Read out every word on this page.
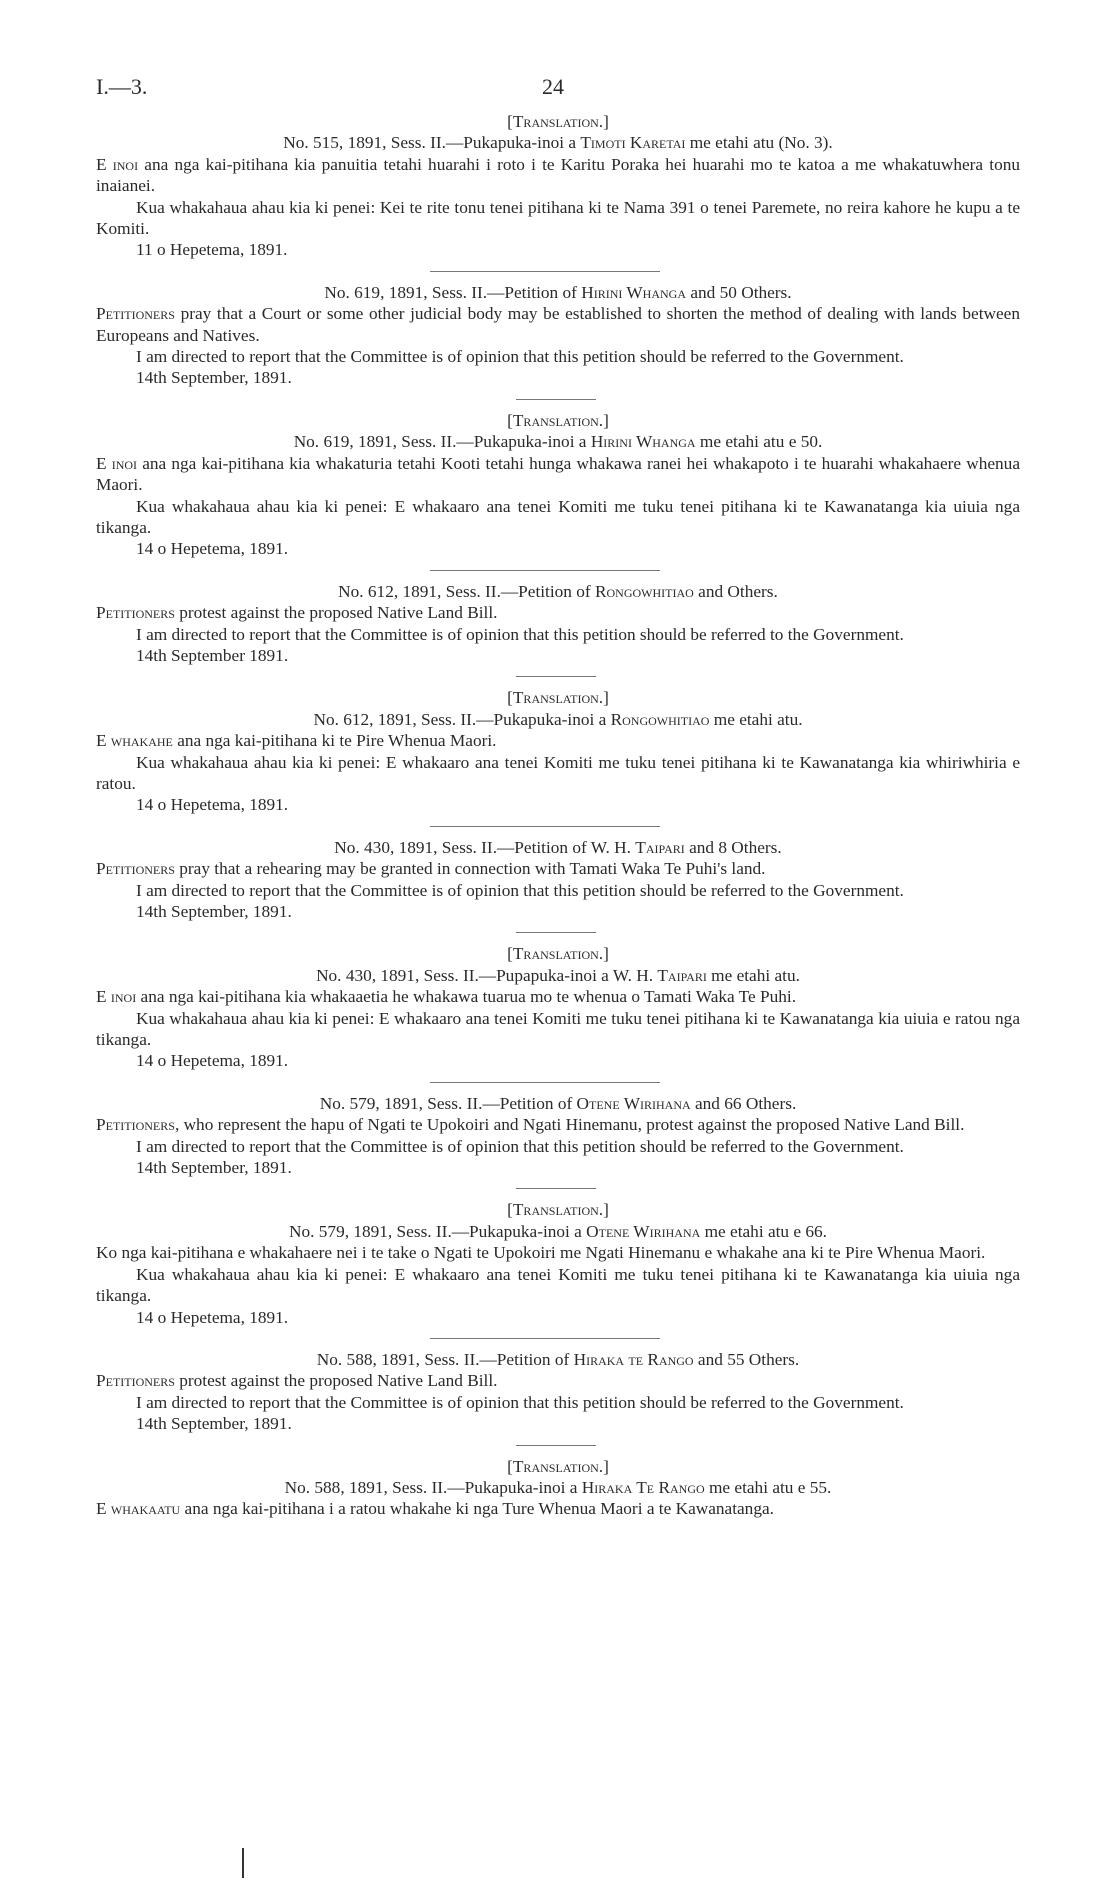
I.—3.	24
[Translation.]
No. 515, 1891, Sess. II.—Pukapuka-inoi a Timoti Karetai me etahi atu (No. 3).
E inoi ana nga kai-pitihana kia panuitia tetahi huarahi i roto i te Karitu Poraka hei huarahi mo te katoa a me whakatuwhera tonu inaianei.
Kua whakahaua ahau kia ki penei: Kei te rite tonu tenei pitihana ki te Nama 391 o tenei Paremete, no reira kahore he kupu a te Komiti.
11 o Hepetema, 1891.
No. 619, 1891, Sess. II.—Petition of Hirini Whanga and 50 Others.
Petitioners pray that a Court or some other judicial body may be established to shorten the method of dealing with lands between Europeans and Natives.
I am directed to report that the Committee is of opinion that this petition should be referred to the Government.
14th September, 1891.
[Translation.]
No. 619, 1891, Sess. II.—Pukapuka-inoi a Hirini Whanga me etahi atu e 50.
E inoi ana nga kai-pitihana kia whakaturia tetahi Kooti tetahi hunga whakawa ranei hei whakapoto i te huarahi whakahaere whenua Maori.
Kua whakahaua ahau kia ki penei: E whakaaro ana tenei Komiti me tuku tenei pitihana ki te Kawanatanga kia uiuia nga tikanga.
14 o Hepetema, 1891.
No. 612, 1891, Sess. II.—Petition of Rongowhitiao and Others.
Petitioners protest against the proposed Native Land Bill.
I am directed to report that the Committee is of opinion that this petition should be referred to the Government.
14th September 1891.
[Translation.]
No. 612, 1891, Sess. II.—Pukapuka-inoi a Rongowhitiao me etahi atu.
E whakahe ana nga kai-pitihana ki te Pire Whenua Maori.
Kua whakahaua ahau kia ki penei: E whakaaro ana tenei Komiti me tuku tenei pitihana ki te Kawanatanga kia whiriwhiria e ratou.
14 o Hepetema, 1891.
No. 430, 1891, Sess. II.—Petition of W. H. Taipari and 8 Others.
Petitioners pray that a rehearing may be granted in connection with Tamati Waka Te Puhi's land.
I am directed to report that the Committee is of opinion that this petition should be referred to the Government.
14th September, 1891.
[Translation.]
No. 430, 1891, Sess. II.—Pupapuka-inoi a W. H. Taipari me etahi atu.
E inoi ana nga kai-pitihana kia whakaaetia he whakawa tuarua mo te whenua o Tamati Waka Te Puhi.
Kua whakahaua ahau kia ki penei: E whakaaro ana tenei Komiti me tuku tenei pitihana ki te Kawanatanga kia uiuia e ratou nga tikanga.
14 o Hepetema, 1891.
No. 579, 1891, Sess. II.—Petition of Otene Wirihana and 66 Others.
Petitioners, who represent the hapu of Ngati te Upokoiri and Ngati Hinemanu, protest against the proposed Native Land Bill.
I am directed to report that the Committee is of opinion that this petition should be referred to the Government.
14th September, 1891.
[Translation.]
No. 579, 1891, Sess. II.—Pukapuka-inoi a Otene Wirihana me etahi atu e 66.
Ko nga kai-pitihana e whakahaere nei i te take o Ngati te Upokoiri me Ngati Hinemanu e whakahe ana ki te Pire Whenua Maori.
Kua whakahaua ahau kia ki penei: E whakaaro ana tenei Komiti me tuku tenei pitihana ki te Kawanatanga kia uiuia nga tikanga.
14 o Hepetema, 1891.
No. 588, 1891, Sess. II.—Petition of Hiraka te Rango and 55 Others.
Petitioners protest against the proposed Native Land Bill.
I am directed to report that the Committee is of opinion that this petition should be referred to the Government.
14th September, 1891.
[Translation.]
No. 588, 1891, Sess. II.—Pukapuka-inoi a Hiraka Te Rango me etahi atu e 55.
E whakaatu ana nga kai-pitihana i a ratou whakahe ki nga Ture Whenua Maori a te Kawanatanga.
